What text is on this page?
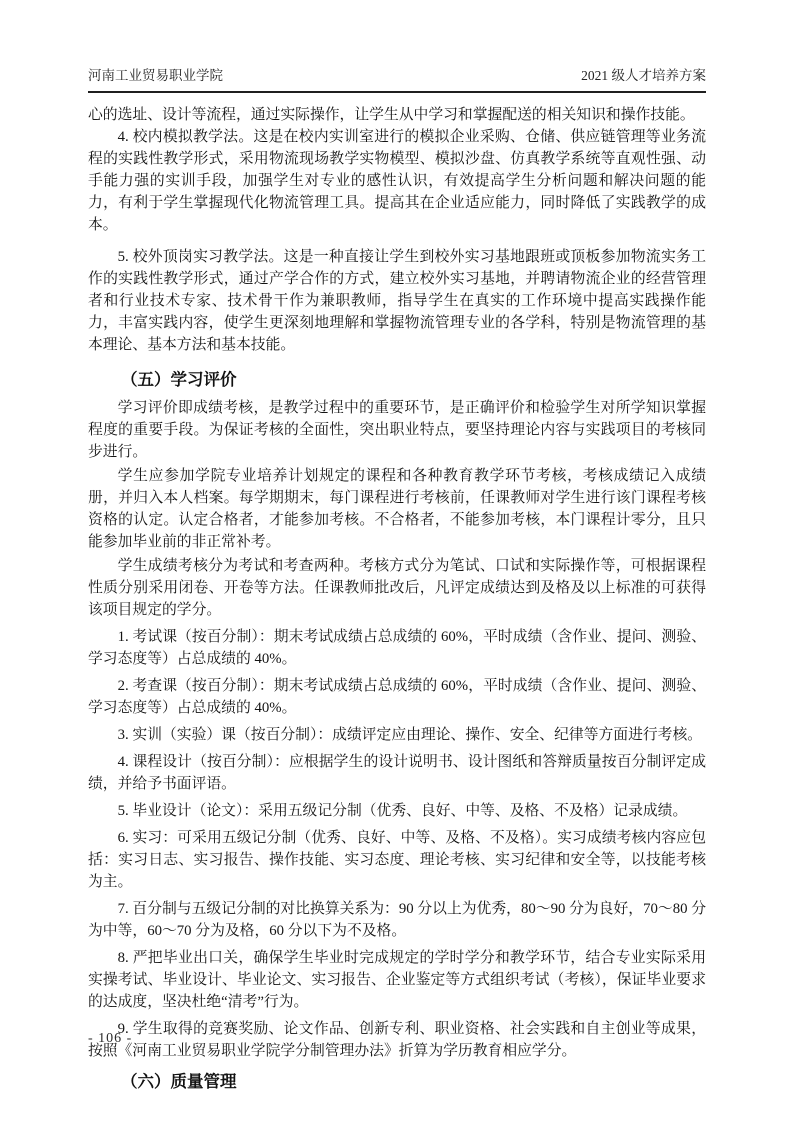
河南工业贸易职业学院	2021 级人才培养方案

心的选址、设计等流程，通过实际操作，让学生从中学习和掌握配送的相关知识和操作技能。

4. 校内模拟教学法。这是在校内实训室进行的模拟企业采购、仓储、供应链管理等业务流程的实践性教学形式，采用物流现场教学实物模型、模拟沙盘、仿真教学系统等直观性强、动手能力强的实训手段，加强学生对专业的感性认识，有效提高学生分析问题和解决问题的能力，有利于学生掌握现代化物流管理工具。提高其在企业适应能力，同时降低了实践教学的成本。

5. 校外顶岗实习教学法。这是一种直接让学生到校外实习基地跟班或顶板参加物流实务工作的实践性教学形式，通过产学合作的方式，建立校外实习基地，并聘请物流企业的经营管理者和行业技术专家、技术骨干作为兼职教师，指导学生在真实的工作环境中提高实践操作能力，丰富实践内容，使学生更深刻地理解和掌握物流管理专业的各学科，特别是物流管理的基本理论、基本方法和基本技能。

（五）学习评价

学习评价即成绩考核，是教学过程中的重要环节，是正确评价和检验学生对所学知识掌握程度的重要手段。为保证考核的全面性，突出职业特点，要坚持理论内容与实践项目的考核同步进行。

学生应参加学院专业培养计划规定的课程和各种教育教学环节考核，考核成绩记入成绩册，并归入本人档案。每学期期末，每门课程进行考核前，任课教师对学生进行该门课程考核资格的认定。认定合格者，才能参加考核。不合格者，不能参加考核，本门课程计零分，且只能参加毕业前的非正常补考。

学生成绩考核分为考试和考查两种。考核方式分为笔试、口试和实际操作等，可根据课程性质分别采用闭卷、开卷等方法。任课教师批改后，凡评定成绩达到及格及以上标准的可获得该项目规定的学分。

1. 考试课（按百分制）：期末考试成绩占总成绩的 60%，平时成绩（含作业、提问、测验、学习态度等）占总成绩的 40%。

2. 考查课（按百分制）：期末考试成绩占总成绩的 60%，平时成绩（含作业、提问、测验、学习态度等）占总成绩的 40%。

3. 实训（实验）课（按百分制）：成绩评定应由理论、操作、安全、纪律等方面进行考核。

4. 课程设计（按百分制）：应根据学生的设计说明书、设计图纸和答辩质量按百分制评定成绩，并给予书面评语。

5. 毕业设计（论文）：采用五级记分制（优秀、良好、中等、及格、不及格）记录成绩。

6. 实习：可采用五级记分制（优秀、良好、中等、及格、不及格）。实习成绩考核内容应包括：实习日志、实习报告、操作技能、实习态度、理论考核、实习纪律和安全等，以技能考核为主。

7. 百分制与五级记分制的对比换算关系为：90 分以上为优秀，80～90 分为良好，70～80 分为中等，60～70 分为及格，60 分以下为不及格。

8. 严把毕业出口关，确保学生毕业时完成规定的学时学分和教学环节，结合专业实际采用实操考试、毕业设计、毕业论文、实习报告、企业鉴定等方式组织考试（考核），保证毕业要求的达成度，坚决杜绝“清考”行为。

9. 学生取得的竞赛奖励、论文作品、创新专利、职业资格、社会实践和自主创业等成果，按照《河南工业贸易职业学院学分制管理办法》折算为学历教育相应学分。

（六）质量管理
- 106 -
